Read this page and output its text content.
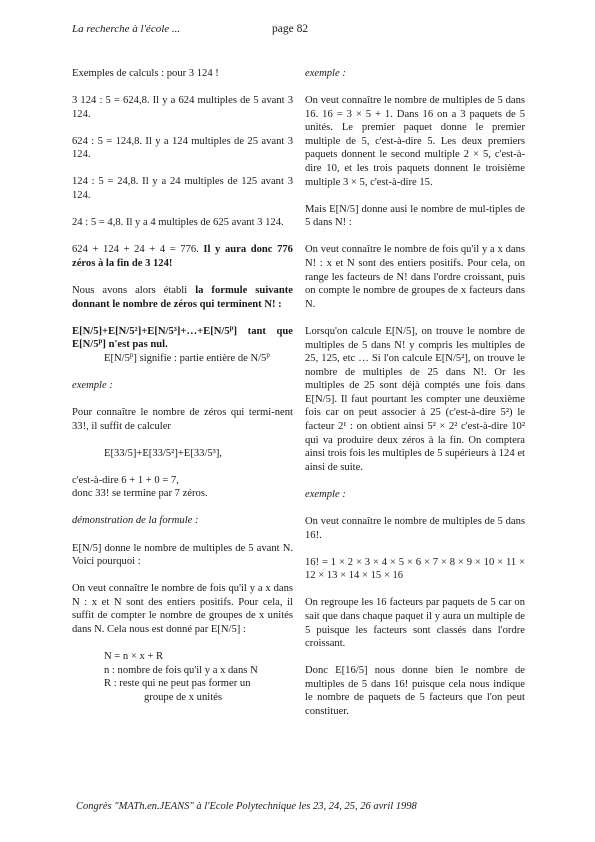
La recherche à l'école ...	page 82

Exemples de calculs : pour 3 124 !

3 124 : 5 = 624,8. Il y a 624 multiples de 5 avant 3 124.

624 : 5 = 124,8. Il y a 124 multiples de 25 avant 3 124.

124 : 5 = 24,8. Il y a 24 multiples de 125 avant 3 124.

24 : 5 = 4,8. Il y a 4 multiples de 625 avant 3 124.

624 + 124 + 24 + 4 = 776. Il y aura donc 776 zéros à la fin de 3 124!

Nous avons alors établi la formule suivante donnant le nombre de zéros qui terminent N! :

$E[N/5]+E[N/5^2]+E[N/5^3]+\dots+E[N/5^p]$ tant que E[N/5$^p$] n'est pas nul.

E[N/5$^p$] signifie : partie entière de N/5$^p$

exemple :

Pour connaître le nombre de zéros qui termi-nent 33!, il suffit de calculer

E[33/5]+E[33/5²]+E[33/5³],

c'est-à-dire 6 + 1 + 0 = 7,

donc 33! se termine par 7 zéros.

démonstration de la formule :

E[N/5] donne le nombre de multiples de 5 avant N. Voici pourquoi :

On veut connaître le nombre de fois qu'il y a x dans N : x et N sont des entiers positifs. Pour cela, il suffit de compter le nombre de groupes de x unités dans N. Cela nous est donné par E[N/5] :

N = n × x + R
n : nombre de fois qu'il y a x dans N
R : reste qui ne peut pas former un
groupe de x unités

exemple :

On veut connaître le nombre de multiples de 5 dans 16. 16 = 3 × 5 + 1. Dans 16 on a 3 paquets de 5 unités. Le premier paquet donne le premier multiple de 5, c'est-à-dire 5. Les deux premiers paquets donnent le second multiple 2 × 5, c'est-à-dire 10, et les trois paquets donnent le troisième multiple 3 × 5, c'est-à-dire 15.

Mais E[N/5] donne ausi le nombre de mul-tiples de 5 dans N! :

On veut connaître le nombre de fois qu'il y a x dans N! : x et N sont des entiers positifs. Pour cela, on range les facteurs de N! dans l'ordre croissant, puis on compte le nombre de groupes de x facteurs dans N.

Lorsqu'on calcule E[N/5], on trouve le nombre de multiples de 5 dans N! y compris les multiples de 25, 125, etc … Si l'on calcule E[N/5²], on trouve le nombre de multiples de 25 dans N!. Or les multiples de 25 sont déjà comptés une fois dans E[N/5]. Il faut pourtant les compter une deuxième fois car on peut associer à 25 (c'est-à-dire 5²) le facteur 2¹ : on obtient ainsi 5² × 2² c'est-à-dire 10² qui va produire deux zéros à la fin. On comptera ainsi trois fois les multiples de 5 supérieurs à 124 et ainsi de suite.

exemple :

On veut connaître le nombre de multiples de 5 dans 16!.

16! = 1 × 2 × 3 × 4 × 5 × 6 × 7 × 8 × 9 × 10 × 11 × 12 × 13 × 14 × 15 × 16

On regroupe les 16 facteurs par paquets de 5 car on sait que dans chaque paquet il y aura un multiple de 5 puisque les facteurs sont classés dans l'ordre croissant.

Donc E[16/5] nous donne bien le nombre de multiples de 5 dans 16! puisque cela nous indique le nombre de paquets de 5 facteurs que l'on peut constituer.

Congrès "MATh.en.JEANS" à l'Ecole Polytechnique les 23, 24, 25, 26 avril 1998
